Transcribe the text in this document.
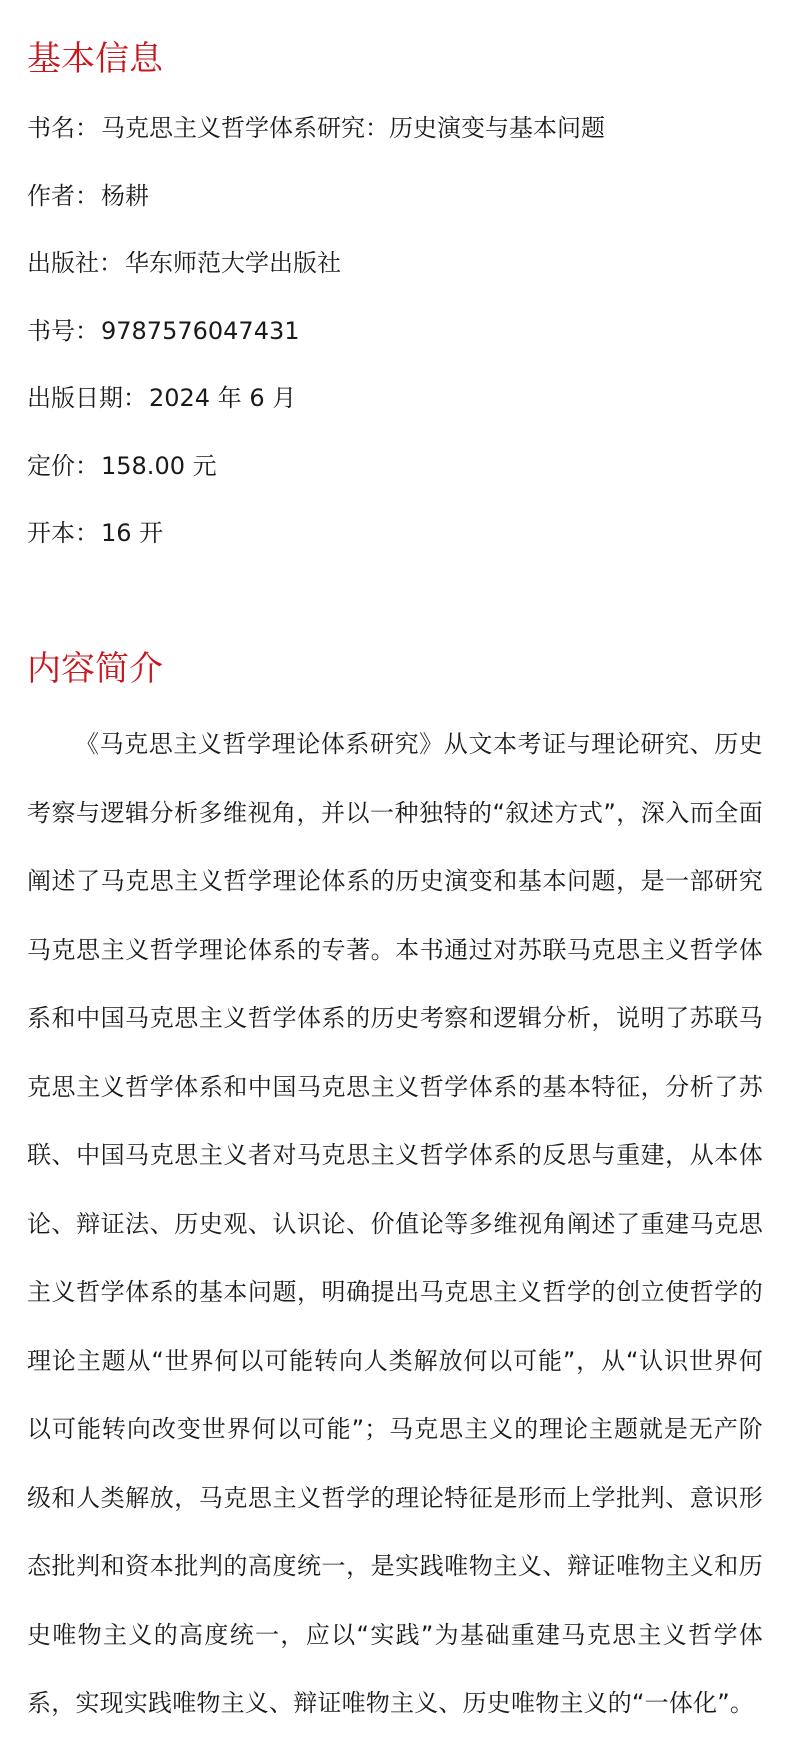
基本信息
书名：马克思主义哲学体系研究：历史演变与基本问题
作者：杨耕
出版社：华东师范大学出版社
书号：9787576047431
出版日期：2024 年 6 月
定价：158.00 元
开本：16 开
内容简介

《马克思主义哲学理论体系研究》从文本考证与理论研究、历史考察与逻辑分析多维视角，并以一种独特的“叙述方式”，深入而全面阐述了马克思主义哲学理论体系的历史演变和基本问题，是一部研究马克思主义哲学理论体系的专著。本书通过对苏联马克思主义哲学体系和中国马克思主义哲学体系的历史考察和逻辑分析，说明了苏联马克思主义哲学体系和中国马克思主义哲学体系的基本特征，分析了苏联、中国马克思主义者对马克思主义哲学体系的反思与重建，从本体论、辩证法、历史观、认识论、价值论等多维视角阐述了重建马克思主义哲学体系的基本问题，明确提出马克思主义哲学的创立使哲学的理论主题从“世界何以可能转向人类解放何以可能”，从“认识世界何以可能转向改变世界何以可能”；马克思主义的理论主题就是无产阶级和人类解放，马克思主义哲学的理论特征是形而上学批判、意识形态批判和资本批判的高度统一，是实践唯物主义、辩证唯物主义和历史唯物主义的高度统一，应以“实践”为基础重建马克思主义哲学体系，实现实践唯物主义、辩证唯物主义、历史唯物主义的“一体化”。
